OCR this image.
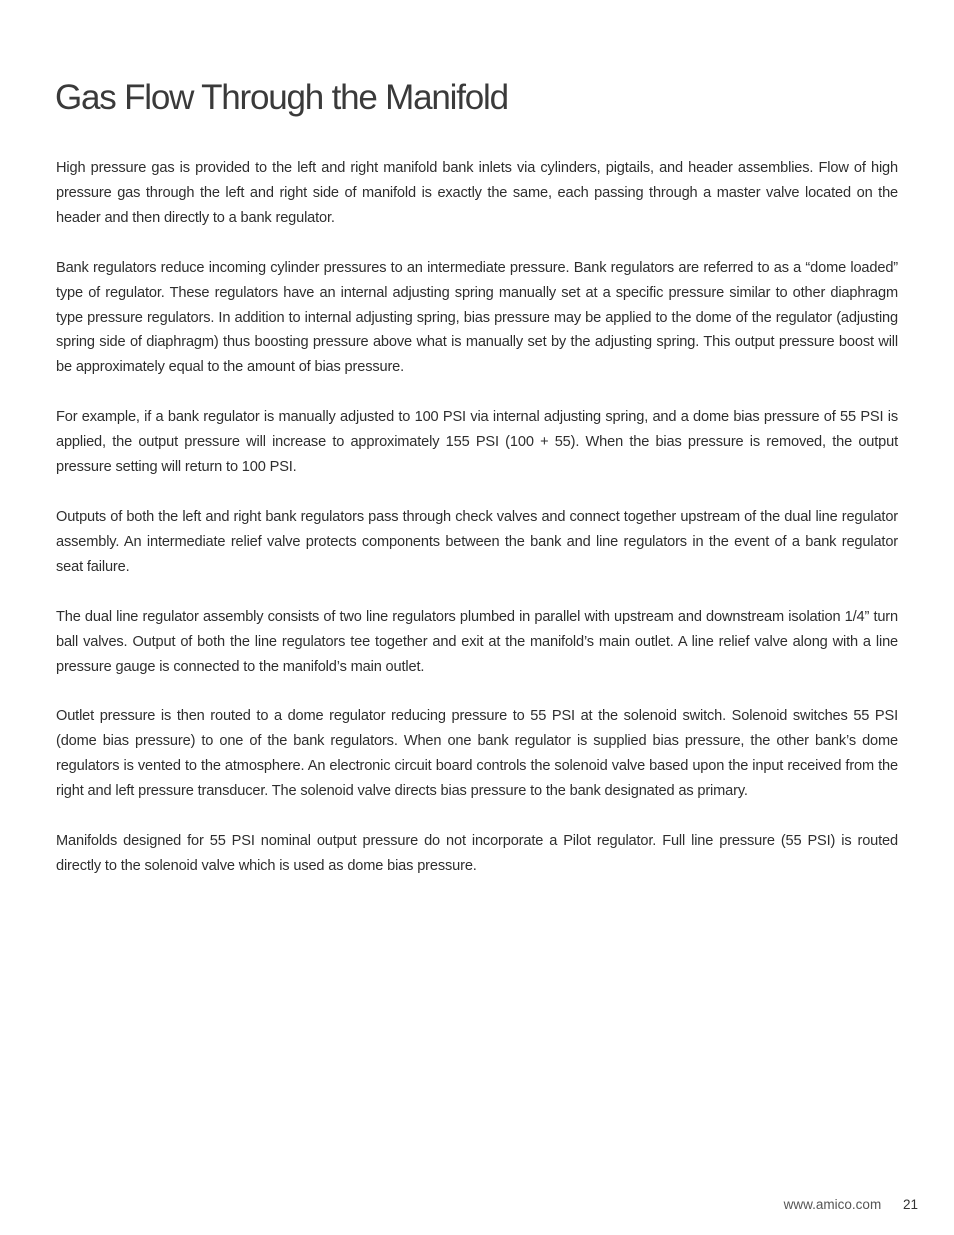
Gas Flow Through the Manifold

High pressure gas is provided to the left and right manifold bank inlets via cylinders, pigtails, and header assemblies. Flow of high pressure gas through the left and right side of manifold is exactly the same, each passing through a master valve located on the header and then directly to a bank regulator.

Bank regulators reduce incoming cylinder pressures to an intermediate pressure. Bank regulators are referred to as a “dome loaded” type of regulator. These regulators have an internal adjusting spring manually set at a specific pressure similar to other diaphragm type pressure regulators. In addition to internal adjusting spring, bias pressure may be applied to the dome of the regulator (adjusting spring side of diaphragm) thus boosting pressure above what is manually set by the adjusting spring. This output pressure boost will be approximately equal to the amount of bias pressure.

For example, if a bank regulator is manually adjusted to 100 PSI via internal adjusting spring, and a dome bias pressure of 55 PSI is applied, the output pressure will increase to approximately 155 PSI (100 + 55). When the bias pressure is removed, the output pressure setting will return to 100 PSI.

Outputs of both the left and right bank regulators pass through check valves and connect together upstream of the dual line regulator assembly. An intermediate relief valve protects components between the bank and line regulators in the event of a bank regulator seat failure.

The dual line regulator assembly consists of two line regulators plumbed in parallel with upstream and downstream isolation 1/4” turn ball valves. Output of both the line regulators tee together and exit at the manifold’s main outlet. A line relief valve along with a line pressure gauge is connected to the manifold’s main outlet.

Outlet pressure is then routed to a dome regulator reducing pressure to 55 PSI at the solenoid switch. Solenoid switches 55 PSI (dome bias pressure) to one of the bank regulators. When one bank regulator is supplied bias pressure, the other bank’s dome regulators is vented to the atmosphere. An electronic circuit board controls the solenoid valve based upon the input received from the right and left pressure transducer. The solenoid valve directs bias pressure to the bank designated as primary.

Manifolds designed for 55 PSI nominal output pressure do not incorporate a Pilot regulator. Full line pressure (55 PSI) is routed directly to the solenoid valve which is used as dome bias pressure.

www.amico.com 21
